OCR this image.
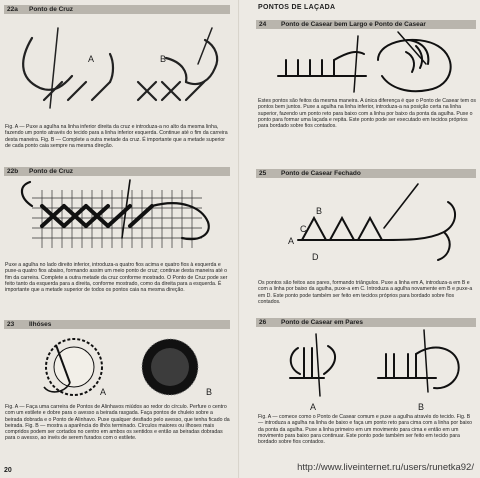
22a	Ponto de Cruz
A	B
Fig. A — Puxe a agulha na linha inferior direita da cruz e introduza-a no alto da mesma linha, fazendo um ponto através do tecido para a linha inferior esquerda. Continue até o fim da carreira desta maneira. Fig. B — Complete a outra metade da cruz. É importante que a metade superior de cada ponto caia sempre na mesma direção.
22b	Ponto de Cruz
Puxe a agulha no lado direito inferior, introduza-a quatro fios acima e quatro fios à esquerda e puxe-a quatro fios abaixo, formando assim um meio ponto de cruz; continue desta maneira até o fim da carreira. Complete a outra metade da cruz conforme mostrado. O Ponto de Cruz pode ser feito tanto da esquerda para a direita, conforme mostrado, como da direita para a esquerda. É importante que a metade superior de todos os pontos caia na mesma direção.
23	Ilhóses
A	B
Fig. A — Faça uma carreira de Pontos de Alinhavos miúdos ao redor do círculo. Perfure o centro com um estilete e dobre para o avesso a beirada rasgada. Faça pontos de chuleio sobre a beirada dobrada e o Ponto de Alinhavo. Puxe qualquer desfiado pelo avesso, que tenha ficado da beirada. Fig. B — mostra a aparência do ilhós terminado. Círculos maiores ou ilhoses mais compridos podem ser cortados no centro em ambos os sentidos e então as beiradas dobradas para o avesso, ao invés de serem furados com o estilete.
20
PONTOS DE LAÇADA
24	Ponto de Casear bem Largo e Ponto de Casear
Estes pontos são feitos da mesma maneira. A única diferença é que o Ponto de Casear tem os pontos bem juntos. Puxe a agulha na linha inferior, introduza-a na posição certa na linha superior, fazendo um ponto reto para baixo com a linha por baixo da ponta da agulha. Puxe o ponto para formar uma laçada e repita. Este ponto pode ser executado em tecidos próprios para bordado sobre fios contados.
25	Ponto de Casear Fechado
B
C
A
D
Os pontos são feitos aos pares, formando triângulos. Puxe a linha em A, introduza-a em B e com a linha por baixo da agulha, puxe-a em C. Introduza a agulha novamente em B e puxe-a em D. Este ponto pode também ser feito em tecidos próprios para bordado sobre fios contados.
26	Ponto de Casear em Pares
A	B
Fig. A — comece como o Ponto de Casear comum e puxe a agulha através do tecido. Fig. B — introduza a agulha na linha de baixo e faça um ponto reto para cima com a linha por baixo da ponta da agulha. Puxe a linha primeiro em um movimento para cima e então em um movimento para baixo para continuar. Este ponto pode também ser feito em tecido para bordado sobre fios contados.
http://www.liveinternet.ru/users/runetka92/
